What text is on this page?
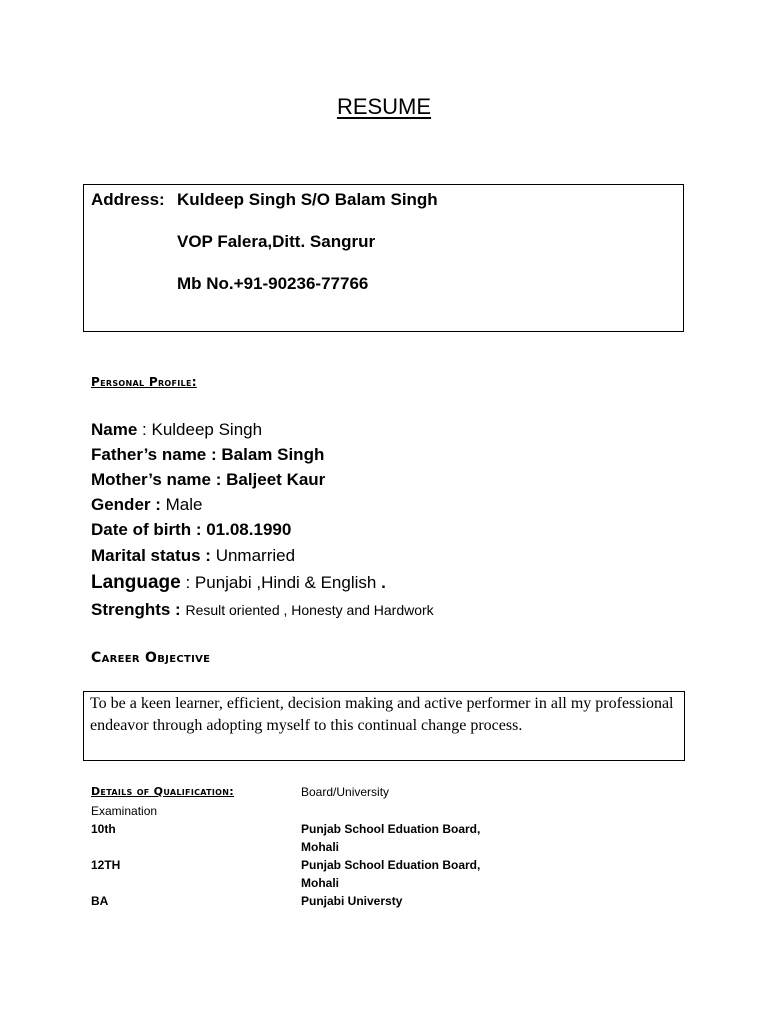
RESUME
Address: Kuldeep Singh S/O Balam Singh
VOP Falera,Ditt. Sangrur
Mb No.+91-90236-77766
Personal Profile:
Name : Kuldeep Singh
Father’s name : Balam Singh
Mother’s name : Baljeet Kaur
Gender : Male
Date of birth : 01.08.1990
Marital status : Unmarried
Language : Punjabi ,Hindi & English .
Strenghts : Result oriented , Honesty and Hardwork
Career Objective
To be a keen learner, efficient, decision making and active performer in all my professional endeavor through adopting myself to this continual change process.
Details of Qualification:	Board/University
Examination
10th	Punjab School Eduation Board,
Mohali
12TH	Punjab School Eduation Board,
Mohali
BA	Punjabi Universty
